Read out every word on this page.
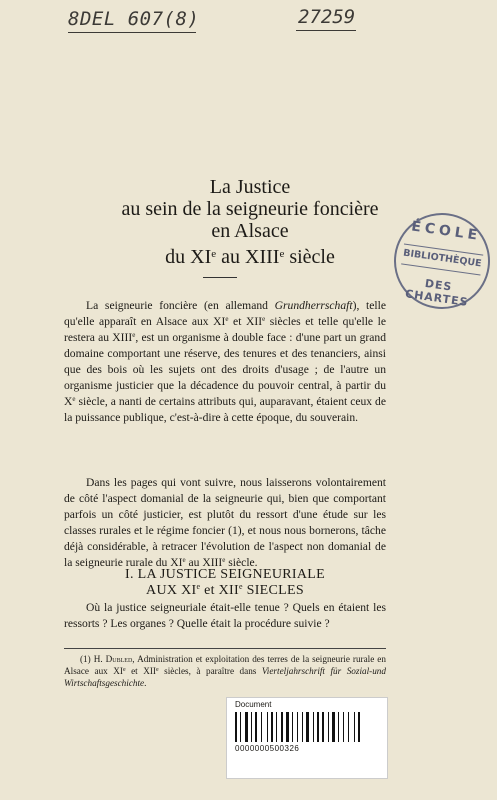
8DEL 607(8)	27259
La Justice
au sein de la seigneurie foncière
en Alsace
du XIe au XIIIe siècle
ÉCOLE
BIBLIOTHÈQUE
DES CHARTES

La seigneurie foncière (en allemand Grundherrschaft), telle qu'elle apparaît en Alsace aux XIe et XIIe siècles et telle qu'elle le restera au XIIIe, est un organisme à double face : d'une part un grand domaine comportant une réserve, des tenures et des tenanciers, ainsi que des bois où les sujets ont des droits d'usage ; de l'autre un organisme justicier que la décadence du pouvoir central, à partir du Xe siècle, a nanti de certains attributs qui, auparavant, étaient ceux de la puissance publique, c'est-à-dire à cette époque, du souverain.

Dans les pages qui vont suivre, nous laisserons volontairement de côté l'aspect domanial de la seigneurie qui, bien que comportant parfois un côté justicier, est plutôt du ressort d'une étude sur les classes rurales et le régime foncier (1), et nous nous bornerons, tâche déjà considérable, à retracer l'évolution de l'aspect non domanial de la seigneurie rurale du XIe au XIIIe siècle.

I. LA JUSTICE SEIGNEURIALE
AUX XIe et XIIe SIECLES

Où la justice seigneuriale était-elle tenue ? Quels en étaient les ressorts ? Les organes ? Quelle était la procédure suivie ?

(1) H. Dubled, Administration et exploitation des terres de la seigneurie rurale en Alsace aux XIe et XIIe siècles, à paraître dans Vierteljahrschrift für Sozial-und Wirtschaftsgeschichte.

Document
0000000500326
